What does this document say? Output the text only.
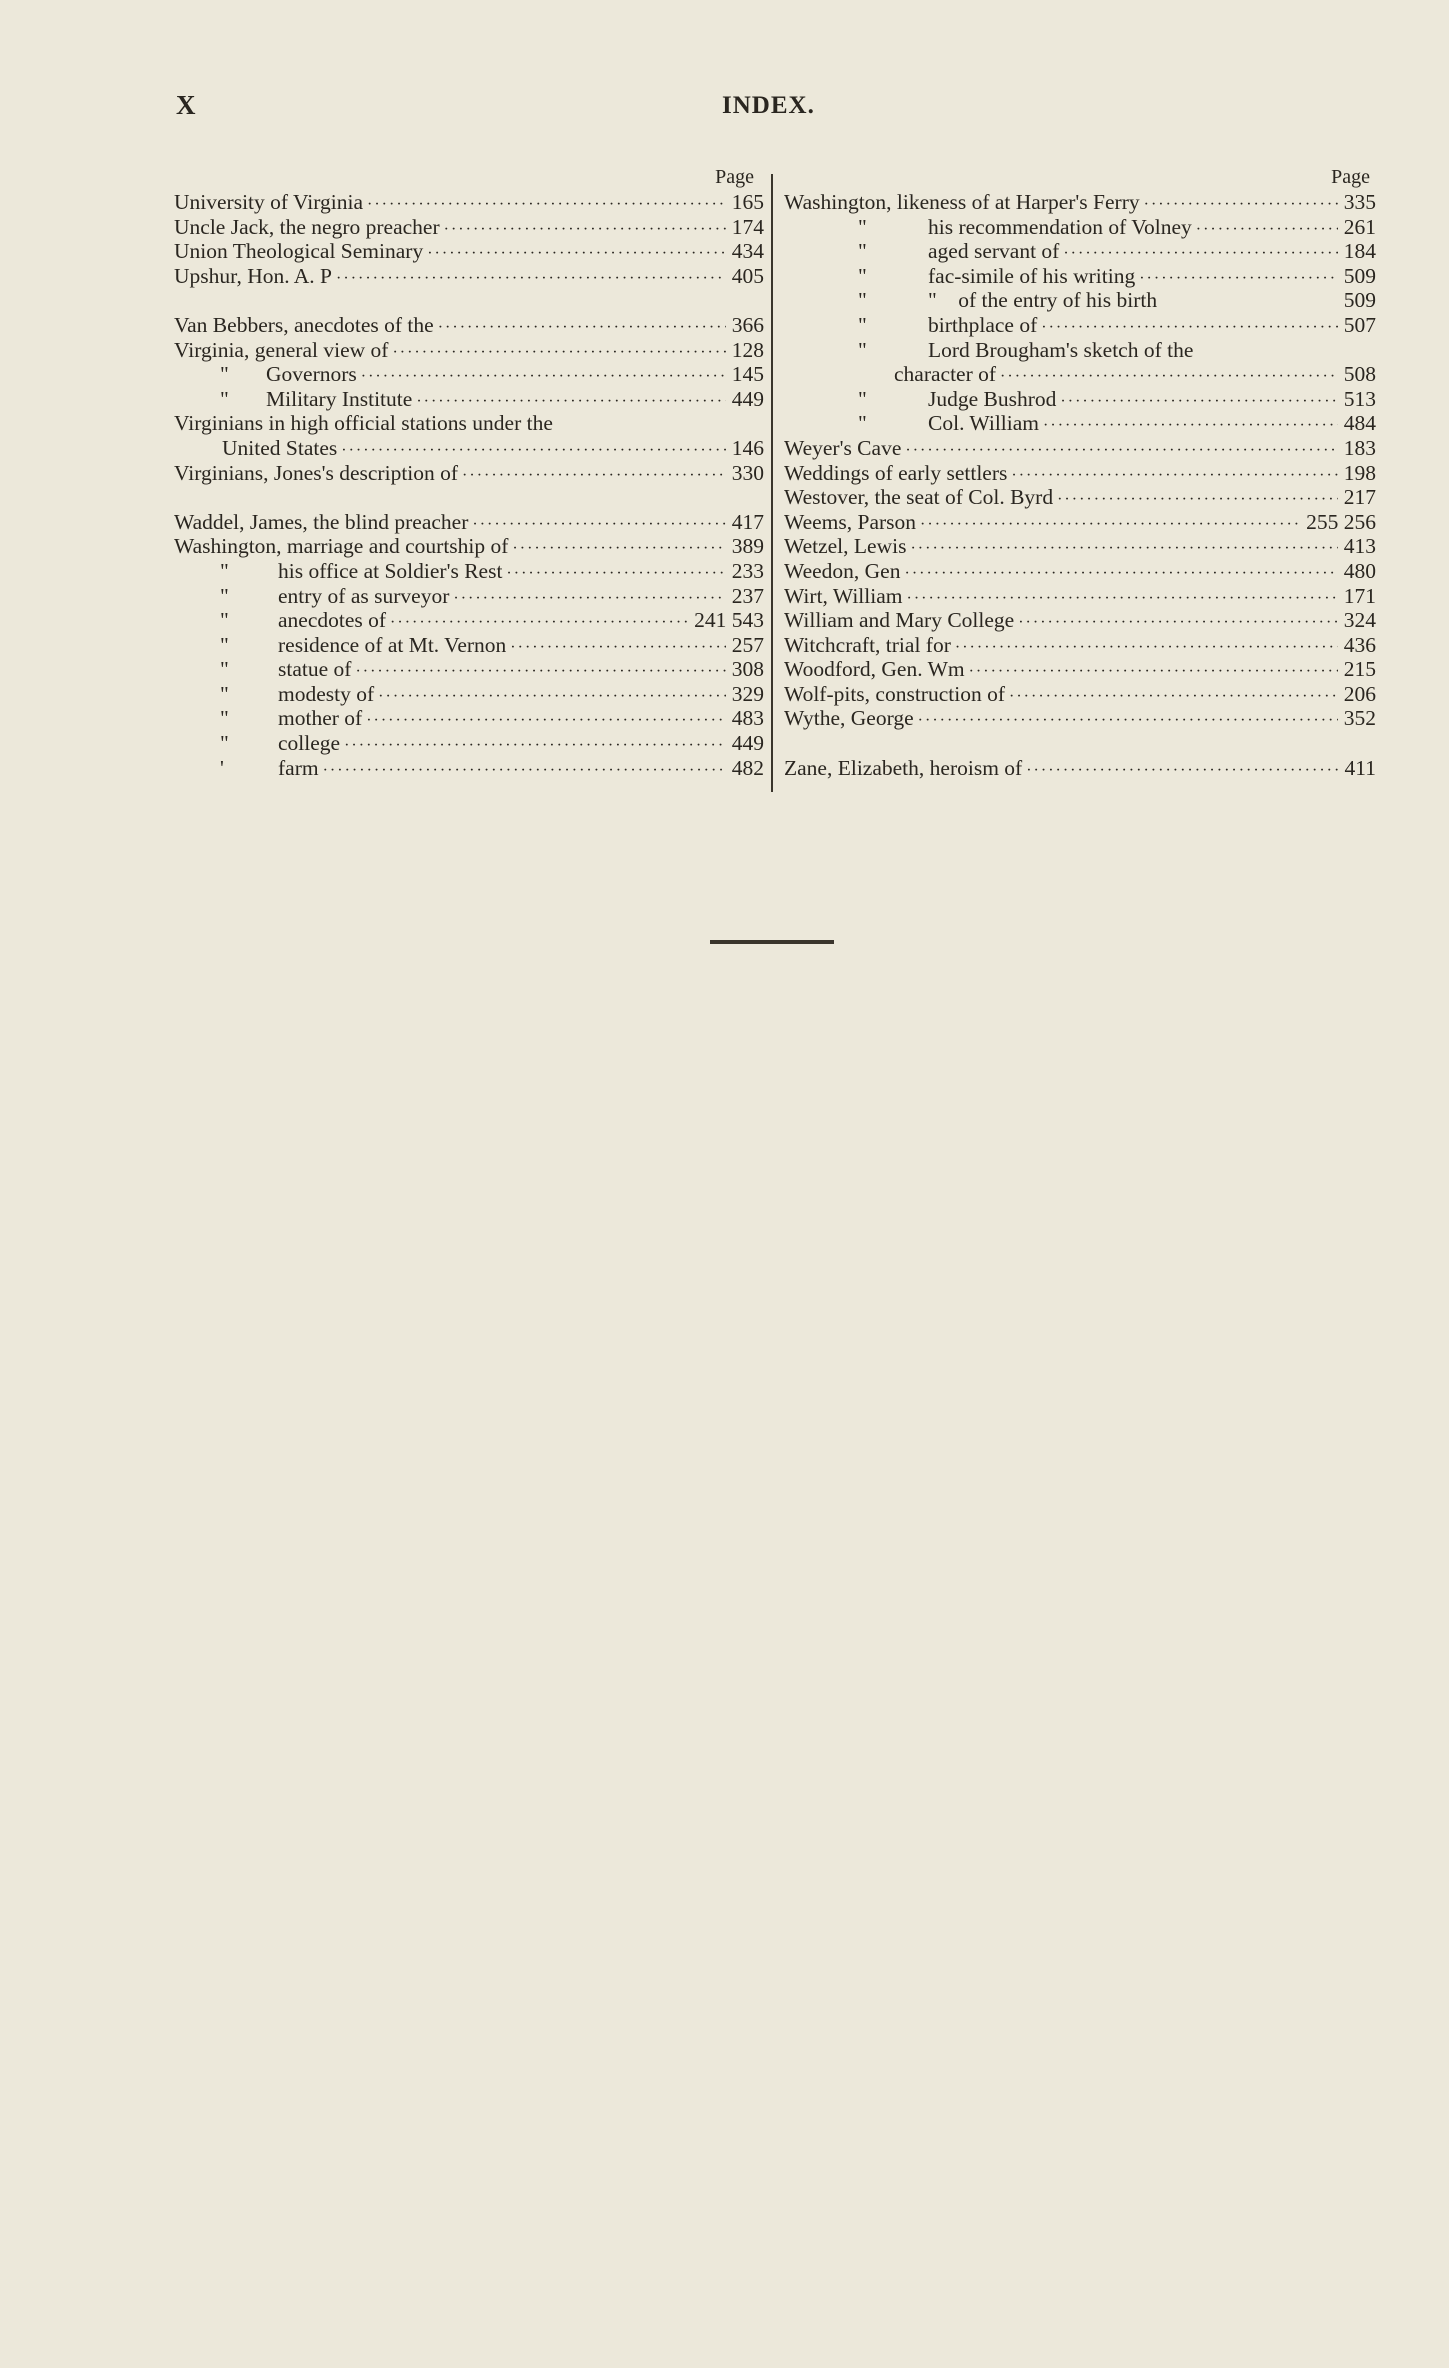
X	INDEX.
Page
University of Virginia ·····	165
Uncle Jack, the negro preacher ·····	174
Union Theological Seminary ·····	434
Upshur, Hon. A. P ·····	405
Van Bebbers, anecdotes of the ·····	366
Virginia, general view of ·····	128
"	Governors ·····	145
"	Military Institute ·····	449
Virginians in high official stations under the
United States ·····	146
Virginians, Jones's description of ·····	330
Waddel, James, the blind preacher ·····	417
Washington, marriage and courtship of ·····	389
"	his office at Soldier's Rest ·····	233
"	entry of as surveyor ·····	237
"	anecdotes of ·····	241 543
"	residence of at Mt. Vernon ·····	257
"	statue of ·····	308
"	modesty of ·····	329
"	mother of ·····	483
"	college ·····	449
'	farm ·····	482
Page
Washington, likeness of at Harper's Ferry ·····	335
"	his recommendation of Volney ·····	261
"	aged servant of ·····	184
"	fac-simile of his writing ·····	509
"	"    of the entry of his birth	509
"	birthplace of ·····	507
"	Lord Brougham's sketch of the
character of ·····	508
"	Judge Bushrod ·····	513
"	Col. William ·····	484
Weyer's Cave ·····	183
Weddings of early settlers ·····	198
Westover, the seat of Col. Byrd ·····	217
Weems, Parson ·····	255 256
Wetzel, Lewis ·····	413
Weedon, Gen ·····	480
Wirt, William ·····	171
William and Mary College ·····	324
Witchcraft, trial for ·····	436
Woodford, Gen. Wm ·····	215
Wolf-pits, construction of ·····	206
Wythe, George ·····	352
Zane, Elizabeth, heroism of ·····	411
